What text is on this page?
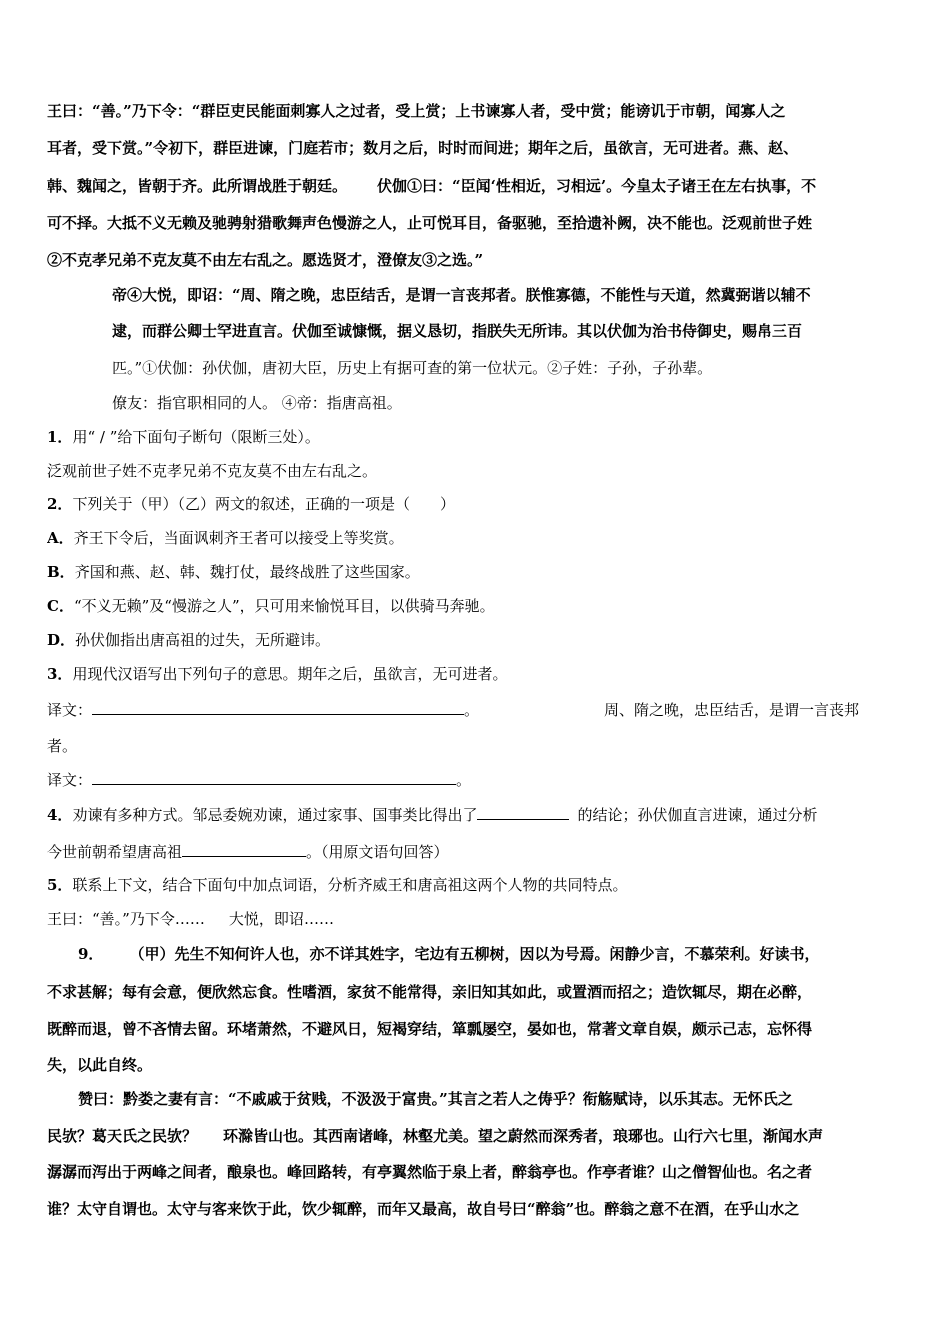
王曰：“善。”乃下令：“群臣吏民能面刺寡人之过者，受上赏；上书谏寡人者，受中赏；能谤讥于市朝，闻寡人之
耳者，受下赏。”令初下，群臣进谏，门庭若市；数月之后，时时而间进；期年之后，虽欲言，无可进者。燕、赵、
韩、魏闻之，皆朝于齐。此所谓战胜于朝廷。 伏伽①曰：“臣闻‘性相近，习相远’。今皇太子诸王在左右执事，不
可不择。大抵不义无赖及驰骋射猎歌舞声色慢游之人，止可悦耳目，备驱驰，至拾遗补阙，决不能也。泛观前世子姓
②不克孝兄弟不克友莫不由左右乱之。愿选贤才，澄僚友③之选。”
帝④大悦，即诏：“周、隋之晚，忠臣结舌，是谓一言丧邦者。朕惟寡德，不能性与天道，然冀弼谐以辅不
逮，而群公卿士罕进直言。伏伽至诚慷慨，据义恳切，指朕失无所讳。其以伏伽为治书侍御史，赐帛三百
匹。”①伏伽：孙伏伽，唐初大臣，历史上有据可查的第一位状元。②子姓：子孙，子孙辈。
僚友：指官职相同的人。 ④帝：指唐高祖。
1．用“ / ”给下面句子断句（限断三处）。
泛观前世子姓不克孝兄弟不克友莫不由左右乱之。
2．下列关于（甲）（乙）两文的叙述，正确的一项是（　　）
A．齐王下令后，当面讽刺齐王者可以接受上等奖赏。
B．齐国和燕、赵、韩、魏打仗，最终战胜了这些国家。
C．“不义无赖”及“慢游之人”，只可用来愉悦耳目，以供骑马奔驰。
D．孙伏伽指出唐高祖的过失，无所避讳。
3．用现代汉语写出下列句子的意思。期年之后，虽欲言，无可进者。
译文：	。	周、隋之晚，忠臣结舌，是谓一言丧邦
者。
译文：	。
4．劝谏有多种方式。邹忌委婉劝谏，通过家事、国事类比得出了	的结论；孙伏伽直言进谏，通过分析
今世前朝希望唐高祖	。（用原文语句回答）
5．联系上下文，结合下面句中加点词语，分析齐威王和唐高祖这两个人物的共同特点。
王曰：“善。”乃下令…… 大悦，即诏……
9． （甲）先生不知何许人也，亦不详其姓字，宅边有五柳树，因以为号焉。闲静少言，不慕荣利。好读书，
不求甚解；每有会意，便欣然忘食。性嗜酒，家贫不能常得，亲旧知其如此，或置酒而招之；造饮辄尽，期在必醉，
既醉而退，曾不吝情去留。环堵萧然，不避风日，短褐穿结，箪瓢屡空，晏如也，常著文章自娱，颇示己志，忘怀得
失，以此自终。
赞曰：黔娄之妻有言：“不戚戚于贫贱，不汲汲于富贵。”其言之若人之俦乎？衔觞赋诗，以乐其志。无怀氏之
民欤？葛天氏之民欤？ 环滁皆山也。其西南诸峰，林壑尤美。望之蔚然而深秀者，琅琊也。山行六七里，渐闻水声
潺潺而泻出于两峰之间者，酿泉也。峰回路转，有亭翼然临于泉上者，醉翁亭也。作亭者谁？山之僧智仙也。名之者
谁？太守自谓也。太守与客来饮于此，饮少辄醉，而年又最高，故自号曰“醉翁”也。醉翁之意不在酒，在乎山水之
